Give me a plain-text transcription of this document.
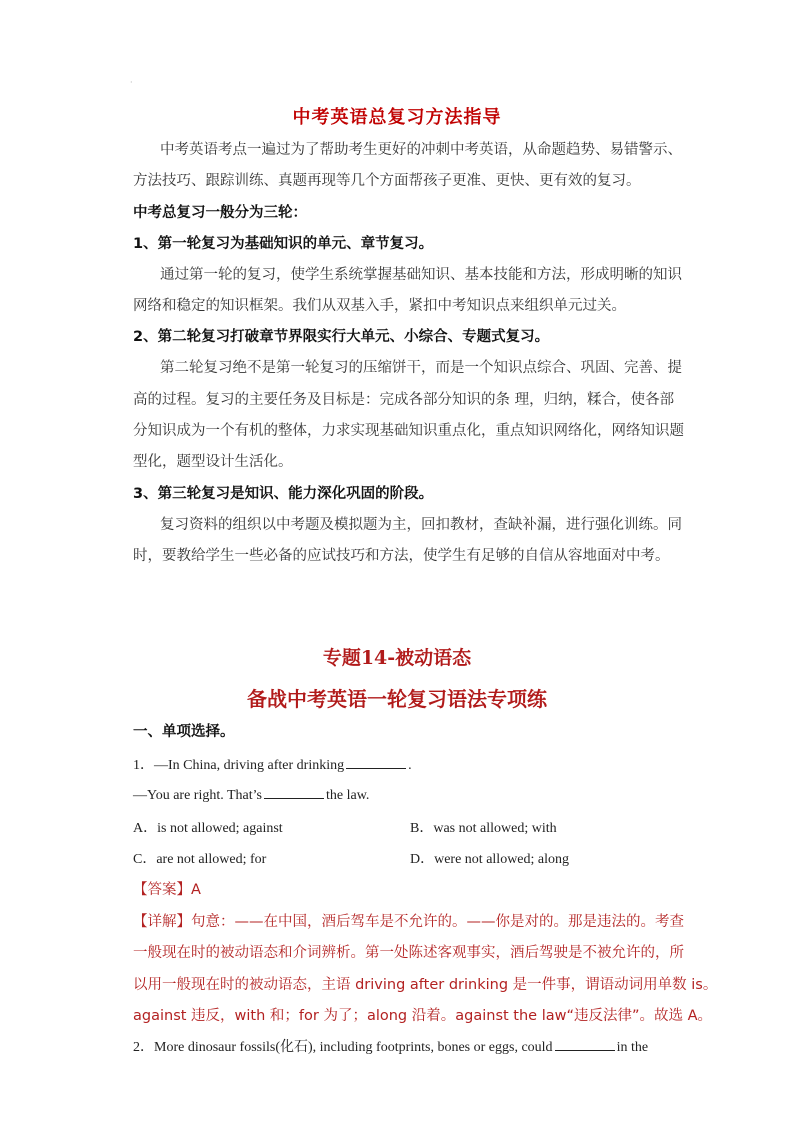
·
中考英语总复习方法指导
中考英语考点一遍过为了帮助考生更好的冲刺中考英语，从命题趋势、易错警示、
方法技巧、跟踪训练、真题再现等几个方面帮孩子更准、更快、更有效的复习。
中考总复习一般分为三轮：
1、第一轮复习为基础知识的单元、章节复习。
通过第一轮的复习，使学生系统掌握基础知识、基本技能和方法，形成明晰的知识
网络和稳定的知识框架。我们从双基入手，紧扣中考知识点来组织单元过关。
2、第二轮复习打破章节界限实行大单元、小综合、专题式复习。
第二轮复习绝不是第一轮复习的压缩饼干，而是一个知识点综合、巩固、完善、提
高的过程。复习的主要任务及目标是：完成各部分知识的条 理，归纳，糅合，使各部
分知识成为一个有机的整体，力求实现基础知识重点化，重点知识网络化，网络知识题
型化，题型设计生活化。
3、第三轮复习是知识、能力深化巩固的阶段。
复习资料的组织以中考题及模拟题为主，回扣教材，查缺补漏，进行强化训练。同
时，要教给学生一些必备的应试技巧和方法，使学生有足够的自信从容地面对中考。
专题14-被动语态
备战中考英语一轮复习语法专项练
一、单项选择。
1．—In China, driving after drinking	.
—You are right. That’s	the law.
A．is not allowed; against	B．was not allowed; with
C．are not allowed; for	D．were not allowed; along
【答案】A
【详解】句意：——在中国，酒后驾车是不允许的。——你是对的。那是违法的。考查
一般现在时的被动语态和介词辨析。第一处陈述客观事实，酒后驾驶是不被允许的，所
以用一般现在时的被动语态，主语 driving after drinking 是一件事，谓语动词用单数 is。
against 违反，with 和；for 为了；along 沿着。against the law“违反法律”。故选 A。
2．More dinosaur fossils(化石), including footprints, bones or eggs, could	in the
